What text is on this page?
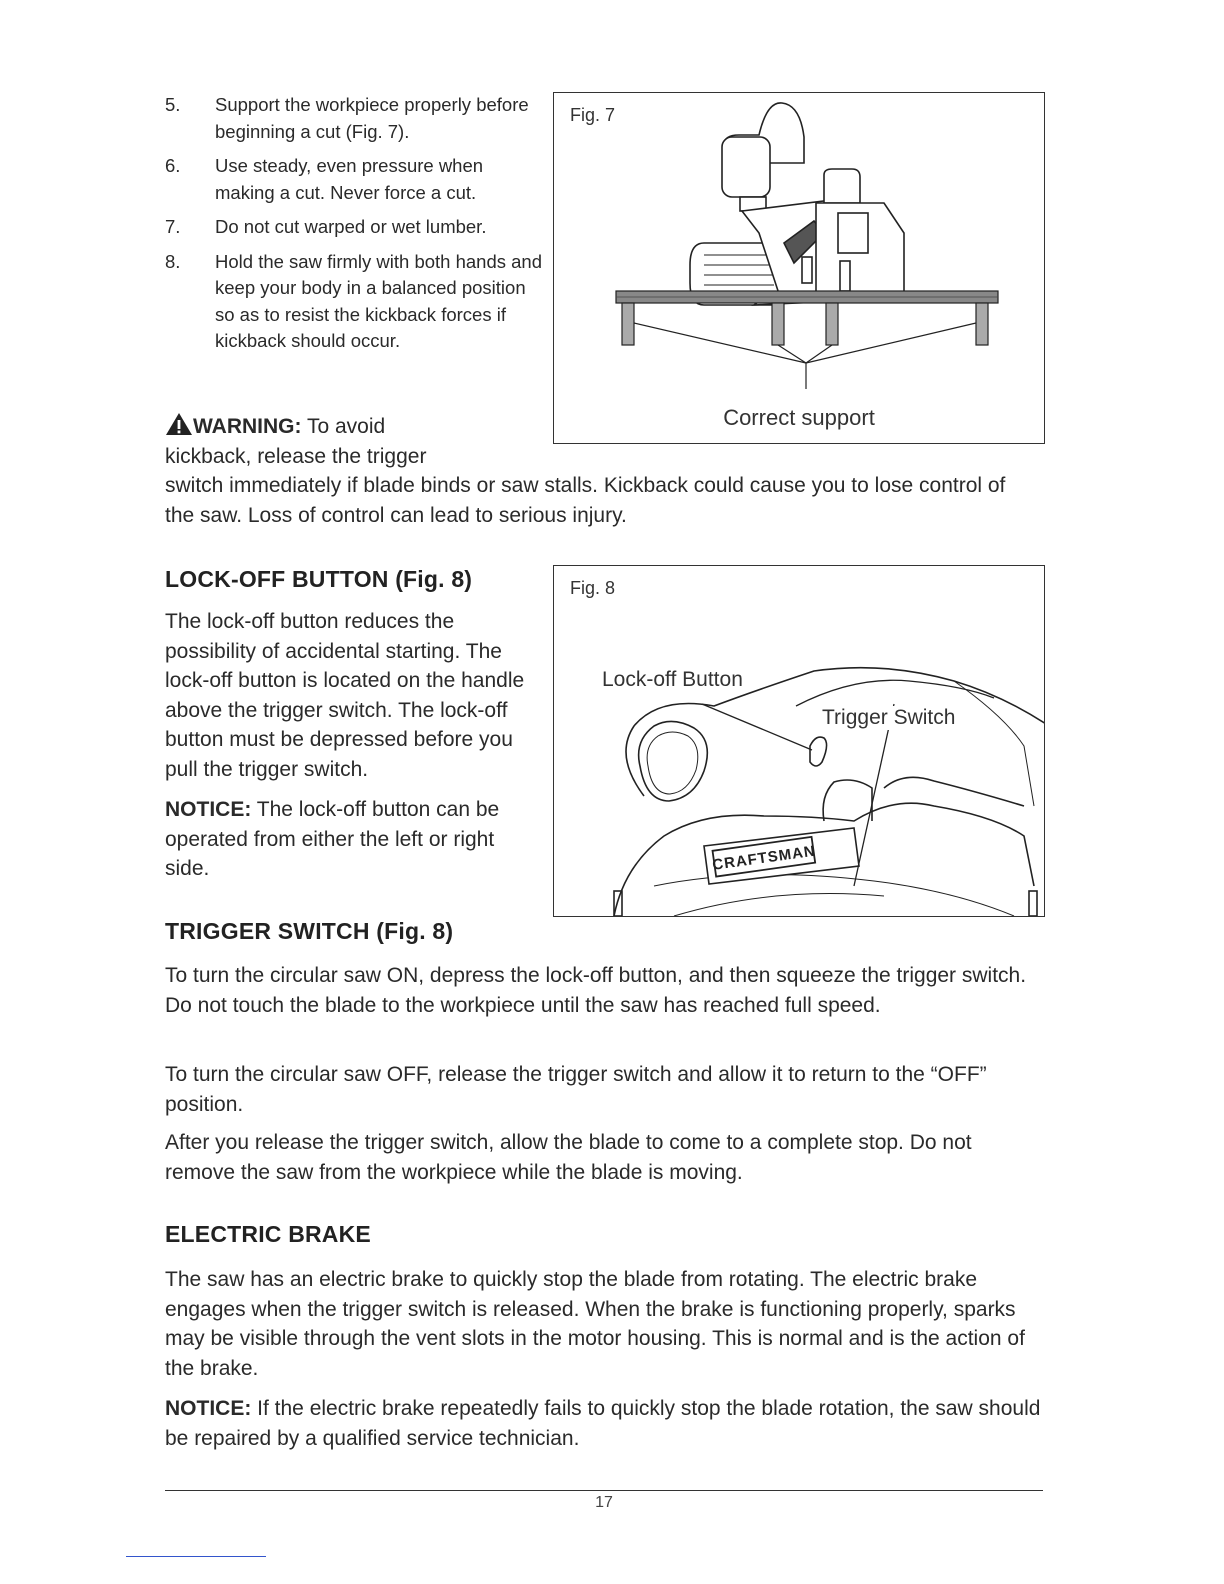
5.	Support the workpiece properly before beginning a cut (Fig. 7).
6.	Use steady, even pressure when making a cut. Never force a cut.
7.	Do not cut warped or wet lumber.
8.	Hold the saw firmly with both hands and keep your body in a balanced position so as to resist the kickback forces if kickback should occur.
WARNING: To avoid
kickback, release the trigger
switch immediately if blade binds or saw stalls. Kickback could cause you to lose control of the saw. Loss of control can lead to serious injury.
Fig. 7
Correct support
LOCK-OFF BUTTON (Fig. 8)
The lock-off button reduces the possibility of accidental starting. The lock-off button is located on the handle above the trigger switch. The lock-off button must be depressed before you pull the trigger switch.
NOTICE: The lock-off button can be operated from either the left or right side.
Fig. 8
CRAFTSMAN
Lock-off Button
Trigger Switch
TRIGGER SWITCH (Fig. 8)
To turn the circular saw ON, depress the lock-off button, and then squeeze the trigger switch. Do not touch the blade to the workpiece until the saw has reached full speed.
To turn the circular saw OFF, release the trigger switch and allow it to return to the “OFF” position.
After you release the trigger switch, allow the blade to come to a complete stop. Do not remove the saw from the workpiece while the blade is moving.
ELECTRIC BRAKE
The saw has an electric brake to quickly stop the blade from rotating. The electric brake engages when the trigger switch is released. When the brake is functioning properly, sparks may be visible through the vent slots in the motor housing. This is normal and is the action of the brake.
NOTICE: If the electric brake repeatedly fails to quickly stop the blade rotation, the saw should be repaired by a qualified service technician.
17
